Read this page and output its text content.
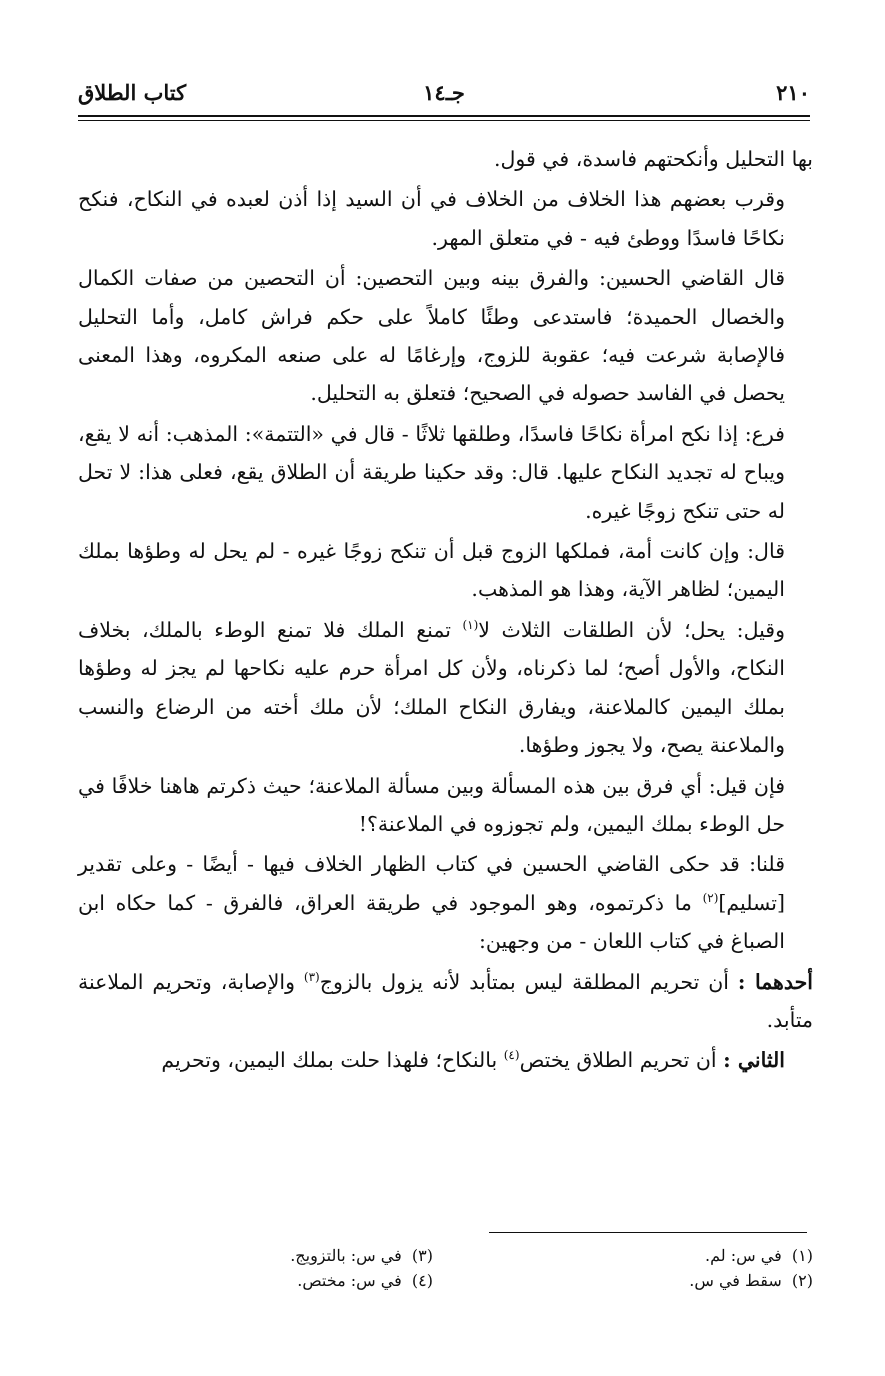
٢١٠
جـ١٤
كتاب الطلاق

بها التحليل وأنكحتهم فاسدة، في قول.

وقرب بعضهم هذا الخلاف من الخلاف في أن السيد إذا أذن لعبده في النكاح، فنكح نكاحًا فاسدًا ووطئ فيه - في متعلق المهر.

قال القاضي الحسين: والفرق بينه وبين التحصين: أن التحصين من صفات الكمال والخصال الحميدة؛ فاستدعى وطئًا كاملاً على حكم فراش كامل، وأما التحليل فالإصابة شرعت فيه؛ عقوبة للزوج، وإرغامًا له على صنعه المكروه، وهذا المعنى يحصل في الفاسد حصوله في الصحيح؛ فتعلق به التحليل.

فرع: إذا نكح امرأة نكاحًا فاسدًا، وطلقها ثلاثًا - قال في «التتمة»: المذهب: أنه لا يقع، ويباح له تجديد النكاح عليها. قال: وقد حكينا طريقة أن الطلاق يقع، فعلى هذا: لا تحل له حتى تنكح زوجًا غيره.

قال: وإن كانت أمة، فملكها الزوج قبل أن تنكح زوجًا غيره - لم يحل له وطؤها بملك اليمين؛ لظاهر الآية، وهذا هو المذهب.

وقيل: يحل؛ لأن الطلقات الثلاث لا$^{(١)}$ تمنع الملك فلا تمنع الوطء بالملك، بخلاف النكاح، والأول أصح؛ لما ذكرناه، ولأن كل امرأة حرم عليه نكاحها لم يجز له وطؤها بملك اليمين كالملاعنة، ويفارق النكاح الملك؛ لأن ملك أخته من الرضاع والنسب والملاعنة يصح، ولا يجوز وطؤها.

فإن قيل: أي فرق بين هذه المسألة وبين مسألة الملاعنة؛ حيث ذكرتم هاهنا خلافًا في حل الوطء بملك اليمين، ولم تجوزوه في الملاعنة؟!

قلنا: قد حكى القاضي الحسين في كتاب الظهار الخلاف فيها - أيضًا - وعلى تقدير [تسليم]$^{(٢)}$ ما ذكرتموه، وهو الموجود في طريقة العراق، فالفرق - كما حكاه ابن الصباغ في كتاب اللعان - من وجهين:

أحدهما : أن تحريم المطلقة ليس بمتأبد لأنه يزول بالزوج$^{(٣)}$ والإصابة، وتحريم الملاعنة متأبد.

الثاني : أن تحريم الطلاق يختص$^{(٤)}$ بالنكاح؛ فلهذا حلت بملك اليمين، وتحريم

(١)  في س: لم.
(٢)  سقط في س.
(٣)  في س: بالتزويج.
(٤)  في س: مختص.
